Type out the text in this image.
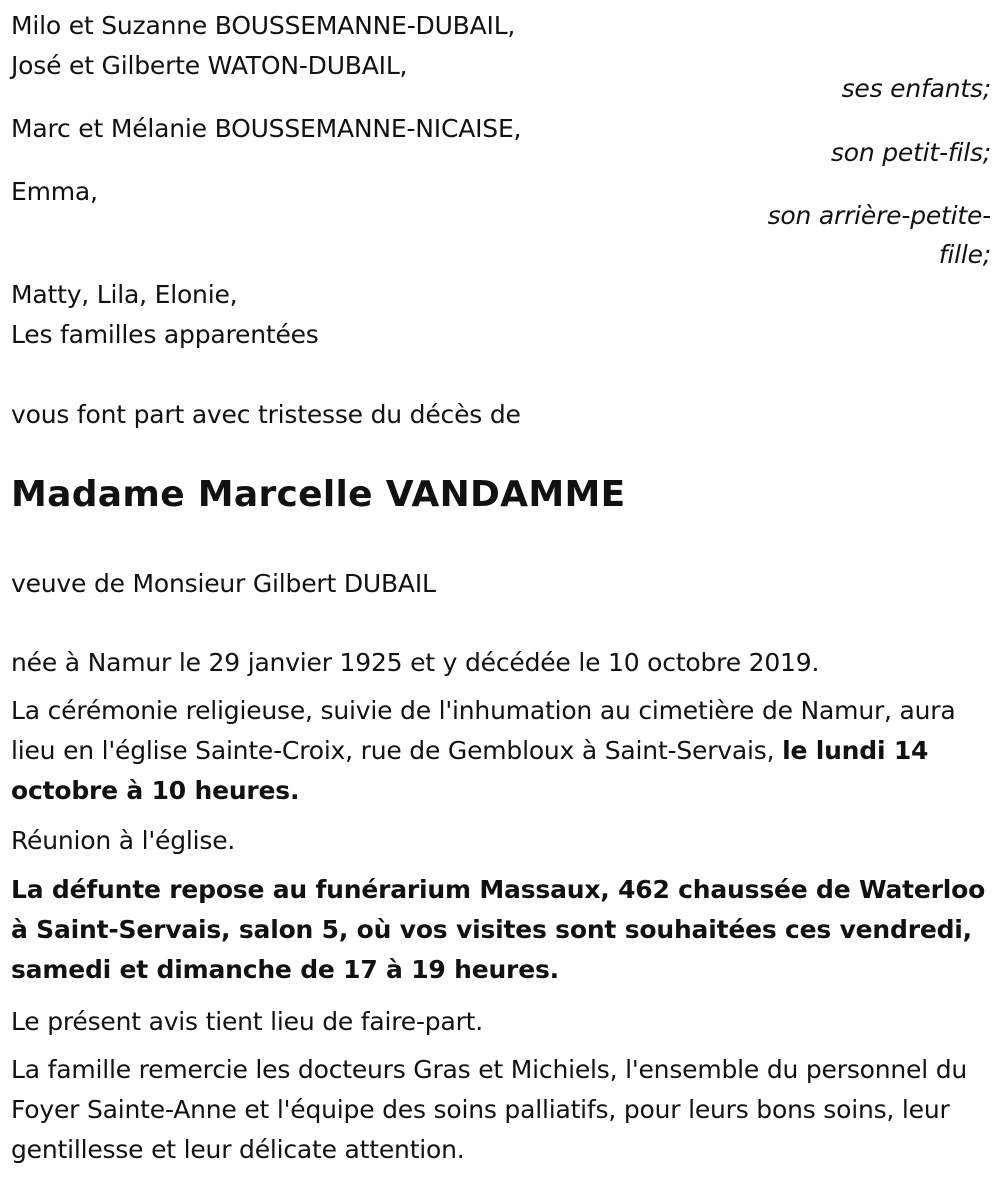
Milo et Suzanne BOUSSEMANNE-DUBAIL,
José et Gilberte WATON-DUBAIL,
ses enfants;
Marc et Mélanie BOUSSEMANNE-NICAISE,
son petit-fils;
Emma,
son arrière-petite-
fille;
Matty, Lila, Elonie,
Les familles apparentées
vous font part avec tristesse du décès de
Madame Marcelle VANDAMME
veuve de Monsieur Gilbert DUBAIL
née à Namur le 29 janvier 1925 et y décédée le 10 octobre 2019.
La cérémonie religieuse, suivie de l'inhumation au cimetière de Namur, aura lieu en l'église Sainte-Croix, rue de Gembloux à Saint-Servais, le lundi 14 octobre à 10 heures.
Réunion à l'église.
La défunte repose au funérarium Massaux, 462 chaussée de Waterloo à Saint-Servais, salon 5, où vos visites sont souhaitées ces vendredi, samedi et dimanche de 17 à 19 heures.
Le présent avis tient lieu de faire-part.
La famille remercie les docteurs Gras et Michiels, l'ensemble du personnel du Foyer Sainte-Anne et l'équipe des soins palliatifs, pour leurs bons soins, leur gentillesse et leur délicate attention.
